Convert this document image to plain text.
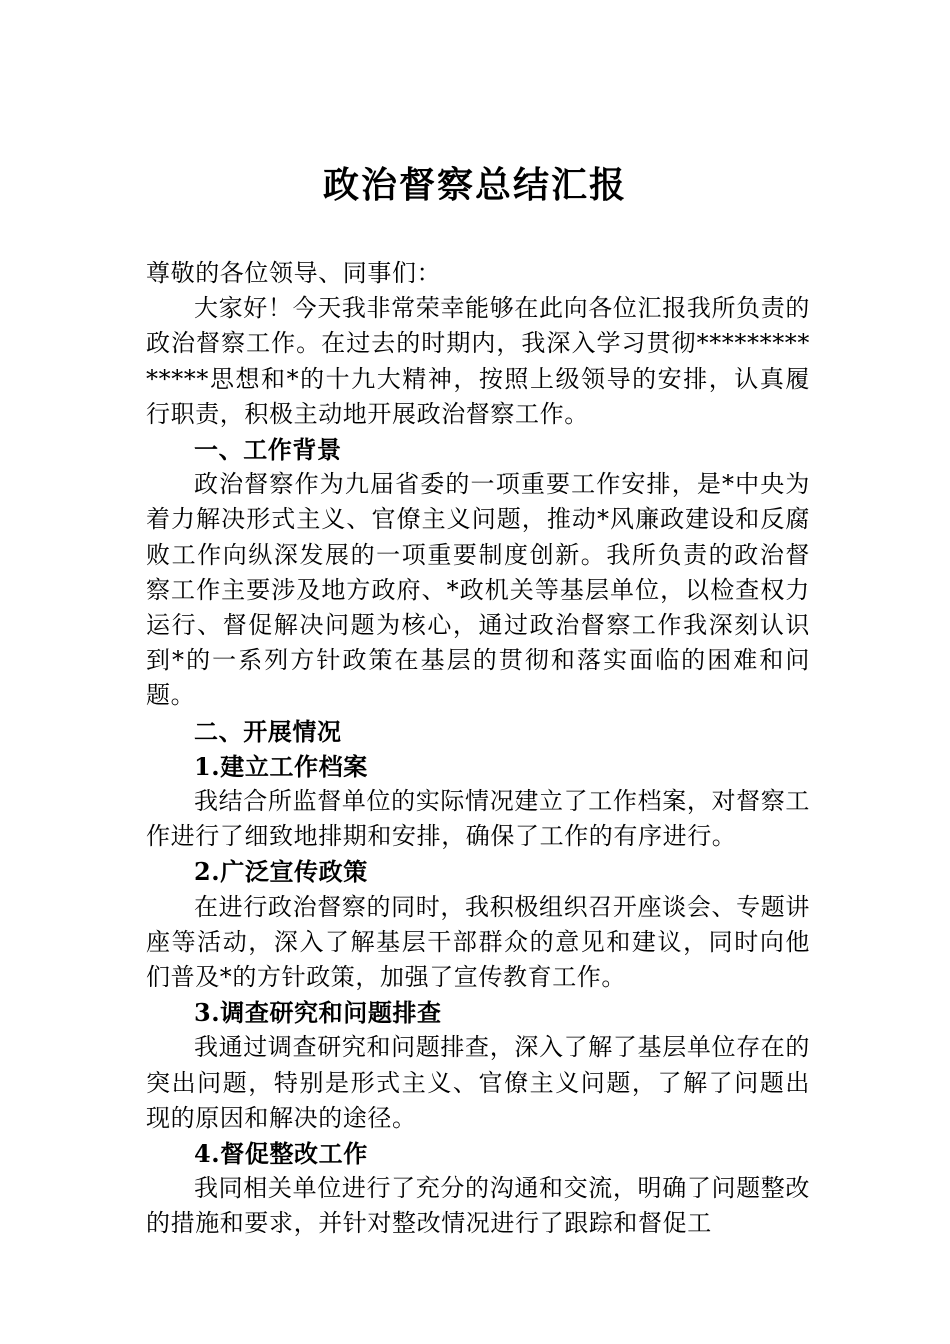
政治督察总结汇报

尊敬的各位领导、同事们：

大家好！今天我非常荣幸能够在此向各位汇报我所负责的政治督察工作。在过去的时期内，我深入学习贯彻**************思想和*的十九大精神，按照上级领导的安排，认真履行职责，积极主动地开展政治督察工作。

一、工作背景

政治督察作为九届省委的一项重要工作安排，是*中央为着力解决形式主义、官僚主义问题，推动*风廉政建设和反腐败工作向纵深发展的一项重要制度创新。我所负责的政治督察工作主要涉及地方政府、*政机关等基层单位，以检查权力运行、督促解决问题为核心，通过政治督察工作我深刻认识到*的一系列方针政策在基层的贯彻和落实面临的困难和问题。

二、开展情况

1.建立工作档案

我结合所监督单位的实际情况建立了工作档案，对督察工作进行了细致地排期和安排，确保了工作的有序进行。

2.广泛宣传政策

在进行政治督察的同时，我积极组织召开座谈会、专题讲座等活动，深入了解基层干部群众的意见和建议，同时向他们普及*的方针政策，加强了宣传教育工作。

3.调查研究和问题排查

我通过调查研究和问题排查，深入了解了基层单位存在的突出问题，特别是形式主义、官僚主义问题，了解了问题出现的原因和解决的途径。

4.督促整改工作

我同相关单位进行了充分的沟通和交流，明确了问题整改的措施和要求，并针对整改情况进行了跟踪和督促工
